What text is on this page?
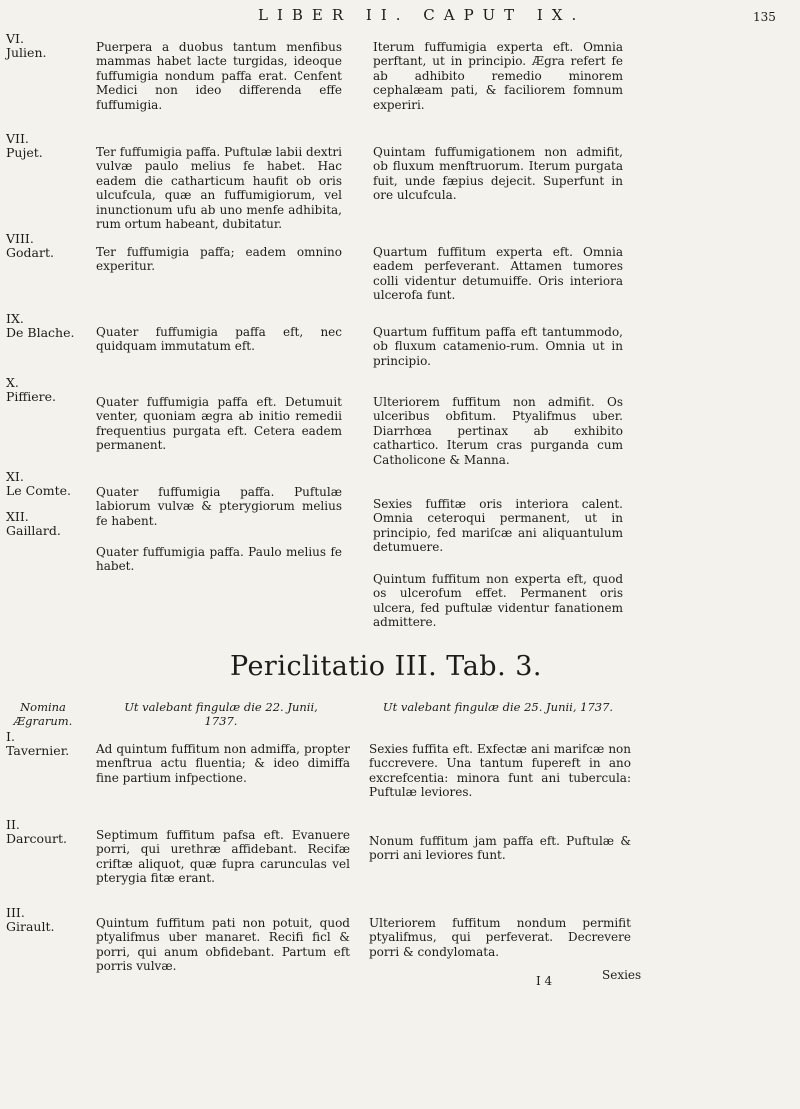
LIBER II. CAPUT IX.	135
VI.
Julien.	Puerpera a duobus tantum menfibus mammas habet lacte turgidas, ideoque fuffumigia nondum paffa erat. Cenfent Medici non ideo differenda effe fuffumigia.

Iterum fuffumigia experta eft. Omnia perftant, ut in principio. Ægra refert fe ab adhibito remedio minorem cephalæam pati, & faciliorem fomnum experiri.

VII.
Pujet.	Ter fuffumigia paffa. Puftulæ labii dextri vulvæ paulo melius fe habet. Hac eadem die catharticum haufit ob oris ulcufcula, quæ an fuffumigiorum, vel inunctionum ufu ab uno menfe adhibita, rum ortum habeant, dubitatur.

Quintam fuffumigationem non admifit, ob fluxum menftruorum. Iterum purgata fuit, unde fæpius dejecit. Superfunt in ore ulcufcula.

VIII.
Godart.	Ter fuffumigia paffa; eadem omnino experitur.

Quartum fuffitum experta eft. Omnia eadem perfeverant. Attamen tumores colli videntur detumuiffe. Oris interiora ulcerofa funt.

IX.
De Blache. Quater fuffumigia paffa eft, nec quidquam immutatum eft.

Quartum fuffitum paffa eft tantummodo, ob fluxum catamenio-rum. Omnia ut in principio.

X.
Piffiere.	Quater fuffumigia paffa eft. Detumuit venter, quoniam ægra ab initio remedii frequentius purgata eft. Cetera eadem permanent.

Ulteriorem fuffitum non admifit. Os ulceribus obfitum. Ptyalifmus uber. Diarrhœa pertinax ab exhibito cathartico. Iterum cras purganda cum Catholicone & Manna.

XI.
Le Comte. Quater fuffumigia paffa. Puftulæ labiorum vulvæ & pterygiorum melius fe habent.

Sexies fuffitæ oris interiora calent. Omnia ceteroqui permanent, ut in principio, fed mariſcæ ani aliquantulum detumuere.

XII.
Gaillard.

Quater fuffumigia paffa. Paulo melius fe habet.

Quintum fuffitum non experta eft, quod os ulcerofum effet. Permanent oris ulcera, fed puftulæ videntur fanationem admittere.

Periclitatio III. Tab. 3.
Nomina Ægrarum.
Ut valebant fingulæ die 22. Junii, 1737.
Ut valebant fingulæ die 25. Junii, 1737.
I.
Tavernier. Ad quintum fuffitum non admiffa, propter menftrua actu fluentia; & ideo dimiffa fine partium infpectione.

Sexies fuffita eft. Exfectæ ani marifcæ non fuccrevere. Una tantum fupereft in ano excrefcentia: minora funt ani tubercula: Puftulæ leviores.

II.
Darcourt. Septimum fuffitum pafsa eft. Evanuere porri, qui urethræ affidebant. Recifæ criftæ aliquot, quæ fupra carunculas vel pterygia fitæ erant.

Nonum fuffitum jam paffa eft. Puftulæ & porri ani leviores funt.

III.
Girault.	Quintum fuffitum pati non potuit, quod ptyalifmus uber manaret. Recifi ficl & porri, qui anum obfidebant. Partum eft porris vulvæ.

Ulteriorem fuffitum nondum permifit ptyalifmus, qui perfeverat. Decrevere porri & condylomata.

I 4	Sexies
